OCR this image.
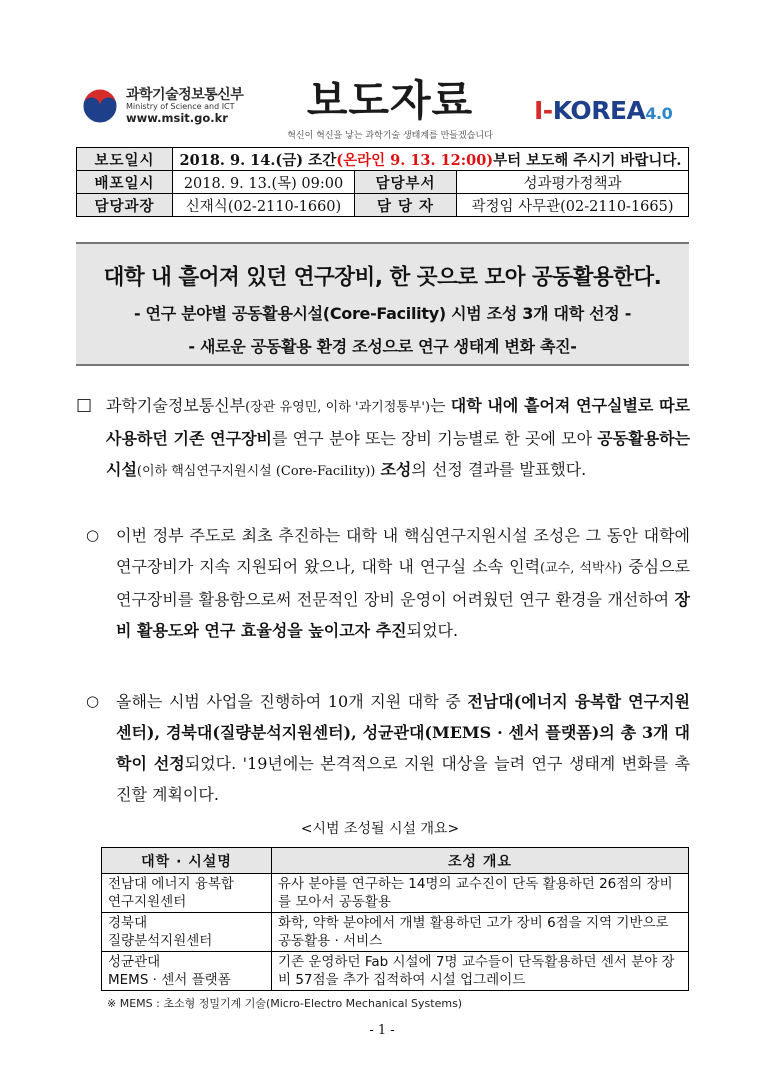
과학기술정보통신부
Ministry of Science and ICT
www.msit.go.kr	보도자료
혁신이 혁신을 낳는 과학기술 생태계를 만들겠습니다
I-KOREA4.0
보도일시	2018. 9. 14.(금) 조간(온라인 9. 13. 12:00)부터 보도해 주시기 바랍니다.		
배포일시	2018. 9. 13.(목) 09:00	담당부서	성과평가정책과
담당과장	신재식(02-2110-1660)	담 당 자	곽정임 사무관(02-2110-1665)
대학 내 흩어져 있던 연구장비, 한 곳으로 모아 공동활용한다.
- 연구 분야별 공동활용시설(Core-Facility) 시범 조성 3개 대학 선정 -
- 새로운 공동활용 환경 조성으로 연구 생태계 변화 촉진-
□ 과학기술정보통신부(장관 유영민, 이하 '과기정통부')는 대학 내에 흩어져 연구실별로 따로 사용하던 기존 연구장비를 연구 분야 또는 장비 기능별로 한 곳에 모아 공동활용하는 시설(이하 핵심연구지원시설 (Core-Facility)) 조성의 선정 결과를 발표했다.
○ 이번 정부 주도로 최초 추진하는 대학 내 핵심연구지원시설 조성은 그 동안 대학에 연구장비가 지속 지원되어 왔으나, 대학 내 연구실 소속 인력(교수, 석박사) 중심으로 연구장비를 활용함으로써 전문적인 장비 운영이 어려웠던 연구 환경을 개선하여 장비 활용도와 연구 효율성을 높이고자 추진되었다.
○ 올해는 시범 사업을 진행하여 10개 지원 대학 중 전남대(에너지 융복합 연구지원센터), 경북대(질량분석지원센터), 성균관대(MEMS · 센서 플랫폼)의 총 3개 대학이 선정되었다. '19년에는 본격적으로 지원 대상을 늘려 연구 생태계 변화를 촉진할 계획이다.
<시범 조성될 시설 개요>
대학 · 시설명	조성 개요

전남대 에너지 융복합
연구지원센터	유사 분야를 연구하는 14명의 교수진이 단독 활용하던 26점의 장비를 모아서 공동활용

경북대
질량분석지원센터	화학, 약학 분야에서 개별 활용하던 고가 장비 6점을 지역 기반으로 공동활용 · 서비스

성균관대
MEMS · 센서 플랫폼	기존 운영하던 Fab 시설에 7명 교수들이 단독활용하던 센서 분야 장비 57점을 추가 집적하여 시설 업그레이드
※ MEMS : 초소형 정밀기계 기술(Micro-Electro Mechanical Systems)
- 1 -
